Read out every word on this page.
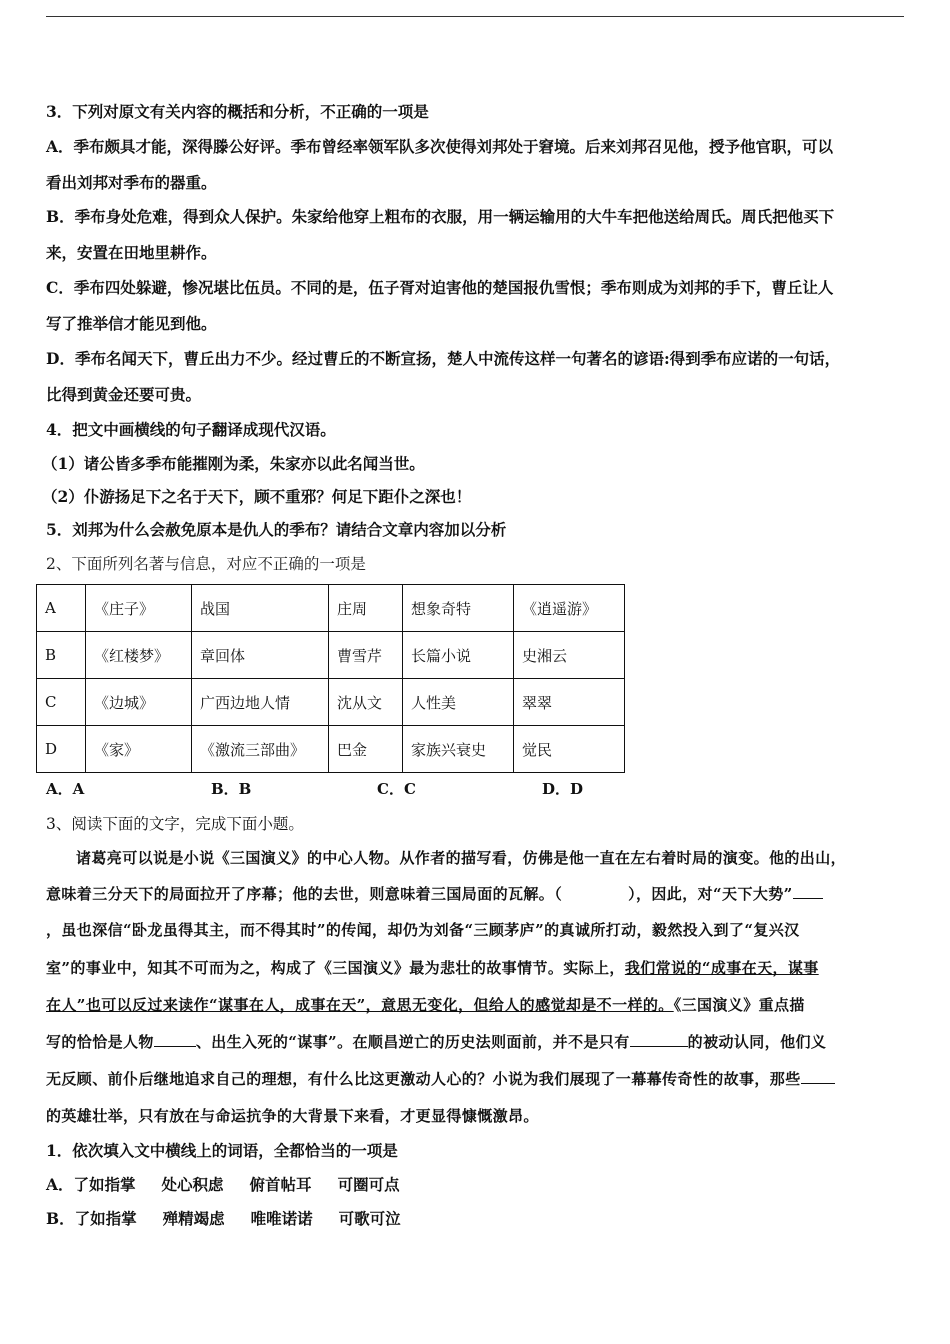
3．下列对原文有关内容的概括和分析，不正确的一项是
A．季布颇具才能，深得滕公好评。季布曾经率领军队多次使得刘邦处于窘境。后来刘邦召见他，授予他官职，可以
看出刘邦对季布的器重。
B．季布身处危难，得到众人保护。朱家给他穿上粗布的衣服，用一辆运输用的大牛车把他送给周氏。周氏把他买下
来，安置在田地里耕作。
C．季布四处躲避，惨况堪比伍员。不同的是，伍子胥对迫害他的楚国报仇雪恨；季布则成为刘邦的手下，曹丘让人
写了推举信才能见到他。
D．季布名闻天下，曹丘出力不少。经过曹丘的不断宣扬，楚人中流传这样一句著名的谚语:得到季布应诺的一句话，
比得到黄金还要可贵。
4．把文中画横线的句子翻译成现代汉语。
（1）诸公皆多季布能摧刚为柔，朱家亦以此名闻当世。
（2）仆游扬足下之名于天下，顾不重邪？何足下距仆之深也！
5．刘邦为什么会赦免原本是仇人的季布？请结合文章内容加以分析
2、下面所列名著与信息，对应不正确的一项是
A	《庄子》	战国	庄周	想象奇特	《逍遥游》
B	《红楼梦》	章回体	曹雪芹	长篇小说	史湘云
C	《边城》	广西边地人情	沈从文	人性美	翠翠
D	《家》	《激流三部曲》	巴金	家族兴衰史	觉民
A．A	B．B	C．C	D．D
3、阅读下面的文字，完成下面小题。
诸葛亮可以说是小说《三国演义》的中心人物。从作者的描写看，仿佛是他一直在左右着时局的演变。他的出山，
意味着三分天下的局面拉开了序幕；他的去世，则意味着三国局面的瓦解。（	），因此，对“天下大势”
，虽也深信“卧龙虽得其主，而不得其时”的传闻，却仍为刘备“三顾茅庐”的真诚所打动，毅然投入到了“复兴汉
室”的事业中，知其不可而为之，构成了《三国演义》最为悲壮的故事情节。实际上，我们常说的“成事在天，谋事
在人”也可以反过来读作“谋事在人，成事在天”，意思无变化，但给人的感觉却是不一样的。《三国演义》重点描
写的恰恰是人物	、出生入死的“谋事”。在顺昌逆亡的历史法则面前，并不是只有	的被动认同，他们义
无反顾、前仆后继地追求自己的理想，有什么比这更激动人心的？小说为我们展现了一幕幕传奇性的故事，那些
的英雄壮举，只有放在与命运抗争的大背景下来看，才更显得慷慨激昂。
1．依次填入文中横线上的词语，全都恰当的一项是
A．了如指掌 处心积虑 俯首帖耳 可圈可点
B．了如指掌 殚精竭虑 唯唯诺诺 可歌可泣
